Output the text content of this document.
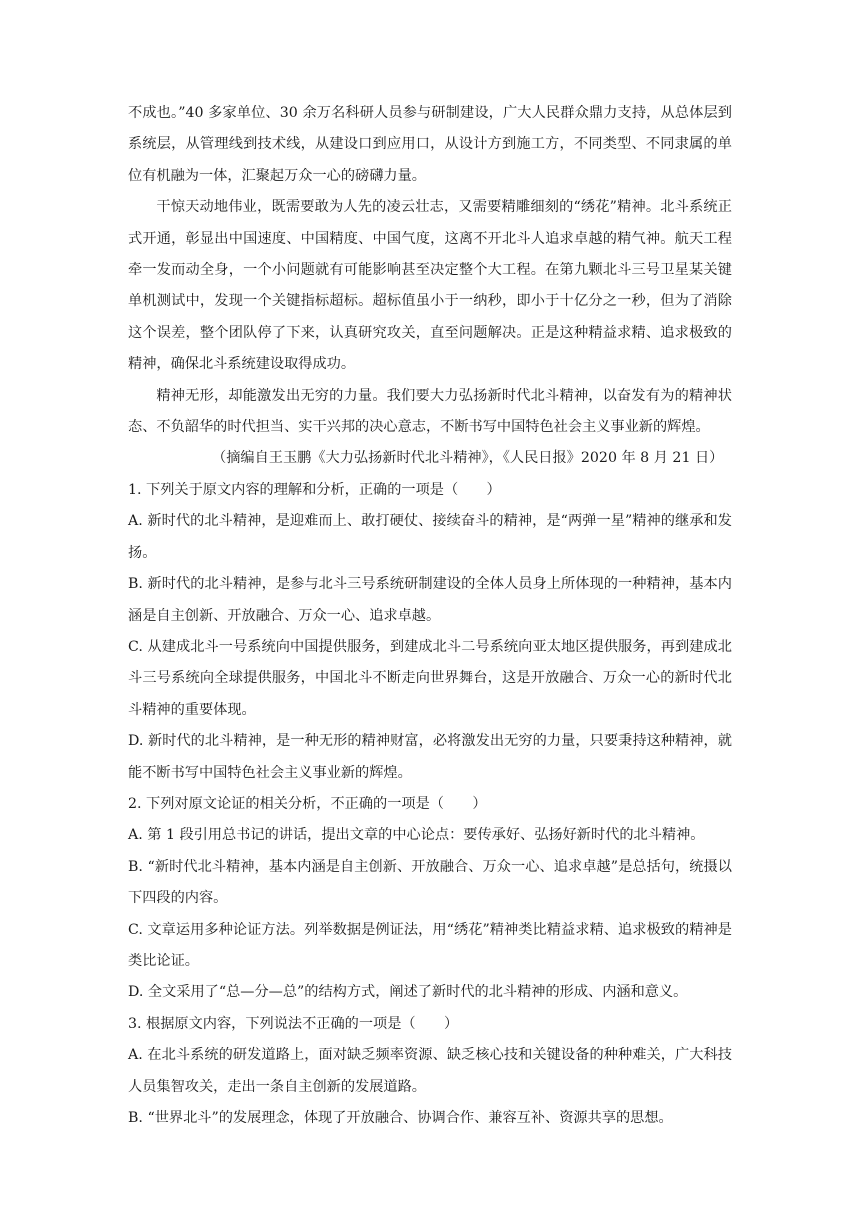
不成也。”40 多家单位、30 余万名科研人员参与研制建设，广大人民群众鼎力支持，从总体层到系统层，从管理线到技术线，从建设口到应用口，从设计方到施工方，不同类型、不同隶属的单位有机融为一体，汇聚起万众一心的磅礴力量。

干惊天动地伟业，既需要敢为人先的凌云壮志，又需要精雕细刻的“绣花”精神。北斗系统正式开通，彰显出中国速度、中国精度、中国气度，这离不开北斗人追求卓越的精气神。航天工程牵一发而动全身，一个小问题就有可能影响甚至决定整个大工程。在第九颗北斗三号卫星某关键单机测试中，发现一个关键指标超标。超标值虽小于一纳秒，即小于十亿分之一秒，但为了消除这个误差，整个团队停了下来，认真研究攻关，直至问题解决。正是这种精益求精、追求极致的精神，确保北斗系统建设取得成功。

精神无形，却能激发出无穷的力量。我们要大力弘扬新时代北斗精神，以奋发有为的精神状态、不负韶华的时代担当、实干兴邦的决心意志，不断书写中国特色社会主义事业新的辉煌。

（摘编自王玉鹏《大力弘扬新时代北斗精神》，《人民日报》2020 年 8 月 21 日）

1. 下列关于原文内容的理解和分析，正确的一项是（　　）

A. 新时代的北斗精神，是迎难而上、敢打硬仗、接续奋斗的精神，是“两弹一星”精神的继承和发扬。

B. 新时代的北斗精神，是参与北斗三号系统研制建设的全体人员身上所体现的一种精神，基本内涵是自主创新、开放融合、万众一心、追求卓越。

C. 从建成北斗一号系统向中国提供服务，到建成北斗二号系统向亚太地区提供服务，再到建成北斗三号系统向全球提供服务，中国北斗不断走向世界舞台，这是开放融合、万众一心的新时代北斗精神的重要体现。

D. 新时代的北斗精神，是一种无形的精神财富，必将激发出无穷的力量，只要秉持这种精神，就能不断书写中国特色社会主义事业新的辉煌。

2. 下列对原文论证的相关分析，不正确的一项是（　　）

A. 第 1 段引用总书记的讲话，提出文章的中心论点：要传承好、弘扬好新时代的北斗精神。

B. “新时代北斗精神，基本内涵是自主创新、开放融合、万众一心、追求卓越”是总括句，统摄以下四段的内容。

C. 文章运用多种论证方法。列举数据是例证法，用“绣花”精神类比精益求精、追求极致的精神是类比论证。

D. 全文采用了“总—分—总”的结构方式，阐述了新时代的北斗精神的形成、内涵和意义。

3. 根据原文内容，下列说法不正确的一项是（　　）

A. 在北斗系统的研发道路上，面对缺乏频率资源、缺乏核心技和关键设备的种种难关，广大科技人员集智攻关，走出一条自主创新的发展道路。

B. “世界北斗”的发展理念，体现了开放融合、协调合作、兼容互补、资源共享的思想。
